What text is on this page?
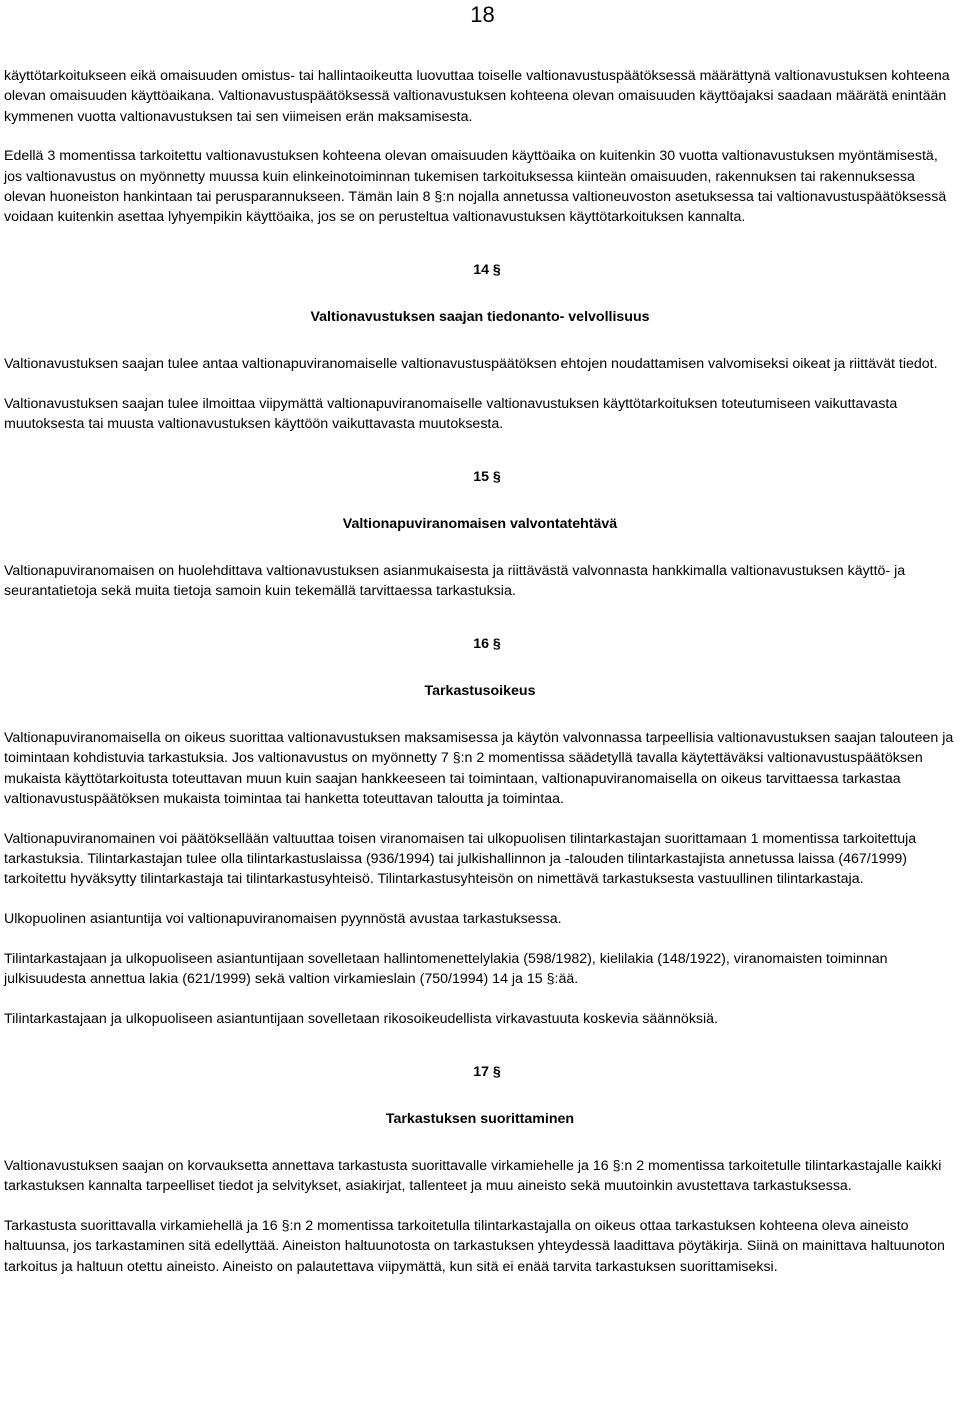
18

käyttötarkoitukseen eikä omaisuuden omistus- tai hallintaoikeutta luovuttaa toiselle valtionavustuspäätöksessä määrättynä valtionavustuksen kohteena olevan omaisuuden käyttöaikana. Valtionavustuspäätöksessä valtionavustuksen kohteena olevan omaisuuden käyttöajaksi saadaan määrätä enintään kymmenen vuotta valtionavustuksen tai sen viimeisen erän maksamisesta.

Edellä 3 momentissa tarkoitettu valtionavustuksen kohteena olevan omaisuuden käyttöaika on kuitenkin 30 vuotta valtionavustuksen myöntämisestä, jos valtionavustus on myönnetty muussa kuin elinkeinotoiminnan tukemisen tarkoituksessa kiinteän omaisuuden, rakennuksen tai rakennuksessa olevan huoneiston hankintaan tai perusparannukseen. Tämän lain 8 §:n nojalla annetussa valtioneuvoston asetuksessa tai valtionavustuspäätöksessä voidaan kuitenkin asettaa lyhyempikin käyttöaika, jos se on perusteltua valtionavustuksen käyttötarkoituksen kannalta.

14 §
Valtionavustuksen saajan tiedonanto- velvollisuus

Valtionavustuksen saajan tulee antaa valtionapuviranomaiselle valtionavustuspäätöksen ehtojen noudattamisen valvomiseksi oikeat ja riittävät tiedot.

Valtionavustuksen saajan tulee ilmoittaa viipymättä valtionapuviranomaiselle valtionavustuksen käyttötarkoituksen toteutumiseen vaikuttavasta muutoksesta tai muusta valtionavustuksen käyttöön vaikuttavasta muutoksesta.

15 §
Valtionapuviranomaisen valvontatehtävä

Valtionapuviranomaisen on huolehdittava valtionavustuksen asianmukaisesta ja riittävästä valvonnasta hankkimalla valtionavustuksen käyttö- ja seurantatietoja sekä muita tietoja samoin kuin tekemällä tarvittaessa tarkastuksia.

16 §
Tarkastusoikeus

Valtionapuviranomaisella on oikeus suorittaa valtionavustuksen maksamisessa ja käytön valvonnassa tarpeellisia valtionavustuksen saajan talouteen ja toimintaan kohdistuvia tarkastuksia. Jos valtionavustus on myönnetty 7 §:n 2 momentissa säädetyllä tavalla käytettäväksi valtionavustuspäätöksen mukaista käyttötarkoitusta toteuttavan muun kuin saajan hankkeeseen tai toimintaan, valtionapuviranomaisella on oikeus tarvittaessa tarkastaa valtionavustuspäätöksen mukaista toimintaa tai hanketta toteuttavan taloutta ja toimintaa.

Valtionapuviranomainen voi päätöksellään valtuuttaa toisen viranomaisen tai ulkopuolisen tilintarkastajan suorittamaan 1 momentissa tarkoitettuja tarkastuksia. Tilintarkastajan tulee olla tilintarkastuslaissa (936/1994) tai julkishallinnon ja -talouden tilintarkastajista annetussa laissa (467/1999) tarkoitettu hyväksytty tilintarkastaja tai tilintarkastusyhteisö. Tilintarkastusyhteisön on nimettävä tarkastuksesta vastuullinen tilintarkastaja.

Ulkopuolinen asiantuntija voi valtionapuviranomaisen pyynnöstä avustaa tarkastuksessa.

Tilintarkastajaan ja ulkopuoliseen asiantuntijaan sovelletaan hallintomenettelylakia (598/1982), kielilakia (148/1922), viranomaisten toiminnan julkisuudesta annettua lakia (621/1999) sekä valtion virkamieslain (750/1994) 14 ja 15 §:ää.

Tilintarkastajaan ja ulkopuoliseen asiantuntijaan sovelletaan rikosoikeudellista virkavastuuta koskevia säännöksiä.

17 §
Tarkastuksen suorittaminen

Valtionavustuksen saajan on korvauksetta annettava tarkastusta suorittavalle virkamiehelle ja 16 §:n 2 momentissa tarkoitetulle tilintarkastajalle kaikki tarkastuksen kannalta tarpeelliset tiedot ja selvitykset, asiakirjat, tallenteet ja muu aineisto sekä muutoinkin avustettava tarkastuksessa.

Tarkastusta suorittavalla virkamiehellä ja 16 §:n 2 momentissa tarkoitetulla tilintarkastajalla on oikeus ottaa tarkastuksen kohteena oleva aineisto haltuunsa, jos tarkastaminen sitä edellyttää. Aineiston haltuunotosta on tarkastuksen yhteydessä laadittava pöytäkirja. Siinä on mainittava haltuunoton tarkoitus ja haltuun otettu aineisto. Aineisto on palautettava viipymättä, kun sitä ei enää tarvita tarkastuksen suorittamiseksi.
